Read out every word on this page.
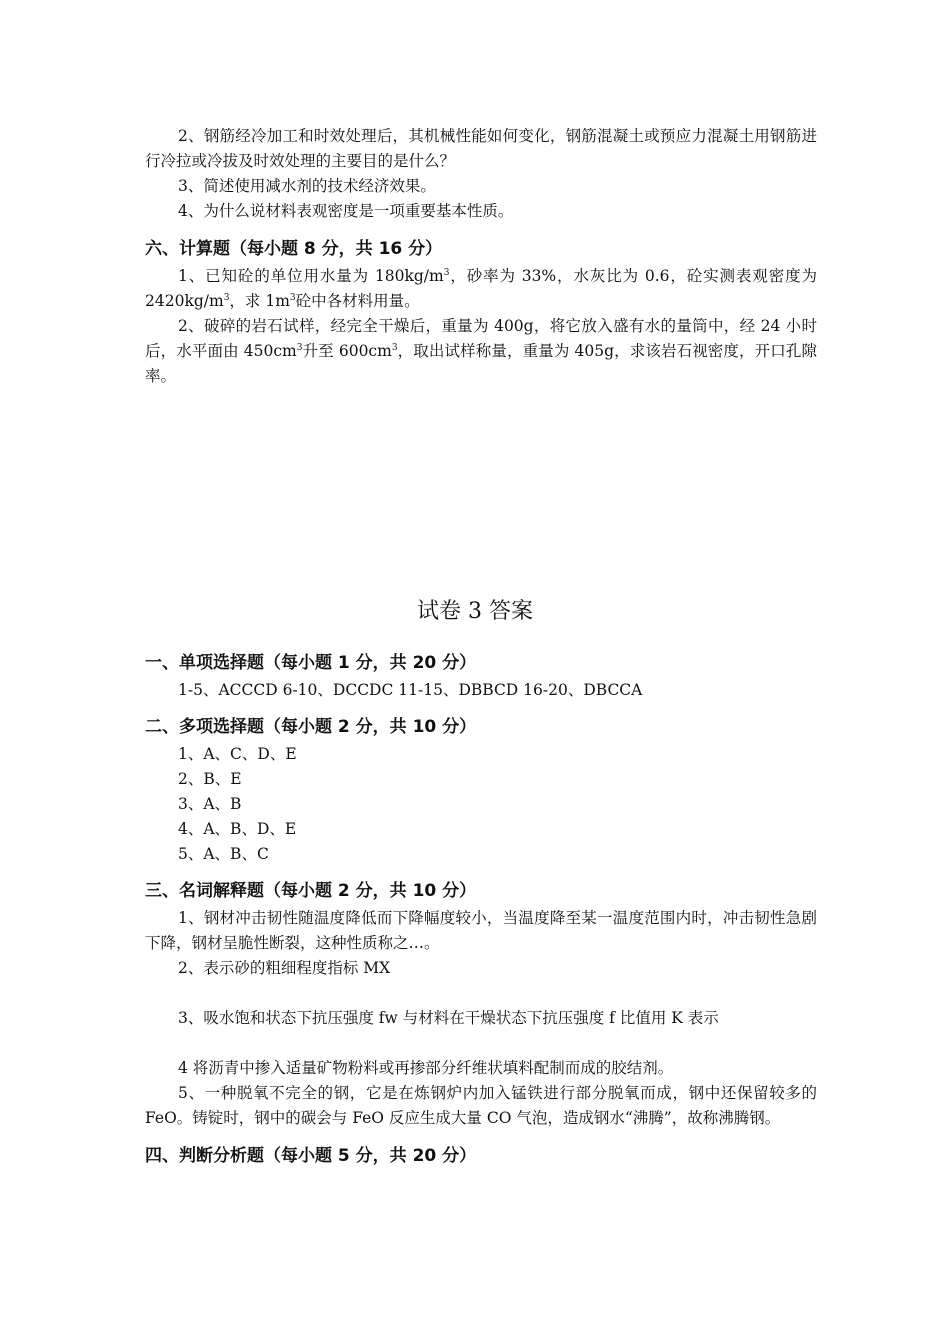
2、钢筋经冷加工和时效处理后，其机械性能如何变化，钢筋混凝土或预应力混凝土用钢筋进行冷拉或冷拔及时效处理的主要目的是什么？
3、简述使用减水剂的技术经济效果。
4、为什么说材料表观密度是一项重要基本性质。
六、计算题（每小题 8 分，共 16 分）
1、已知砼的单位用水量为 $180kg/m^3$，砂率为 33%，水灰比为 0.6，砼实测表观密度为 $2420kg/m^3$，求 $1m^3$砼中各材料用量。
2、破碎的岩石试样，经完全干燥后，重量为 400g，将它放入盛有水的量筒中，经 24 小时后，水平面由 $450cm^3$升至 $600cm^3$，取出试样称量，重量为 405g，求该岩石视密度，开口孔隙率。
试卷 3 答案
一、单项选择题（每小题 1 分，共 20 分）
1-5、ACCCD 6-10、DCCDC 11-15、DBBCD 16-20、DBCCA
二、多项选择题（每小题 2 分，共 10 分）
1、A、C、D、E
2、B、E
3、A、B
4、A、B、D、E
5、A、B、C
三、名词解释题（每小题 2 分，共 10 分）
1、钢材冲击韧性随温度降低而下降幅度较小，当温度降至某一温度范围内时，冲击韧性急剧下降，钢材呈脆性断裂，这种性质称之…。
2、表示砂的粗细程度指标 MX
3、吸水饱和状态下抗压强度 fw 与材料在干燥状态下抗压强度 f 比值用 K 表示
4 将沥青中掺入适量矿物粉料或再掺部分纤维状填料配制而成的胶结剂。
5、一种脱氧不完全的钢，它是在炼钢炉内加入锰铁进行部分脱氧而成，钢中还保留较多的 FeO。铸锭时，钢中的碳会与 FeO 反应生成大量 CO 气泡，造成钢水“沸腾”，故称沸腾钢。
四、判断分析题（每小题 5 分，共 20 分）
